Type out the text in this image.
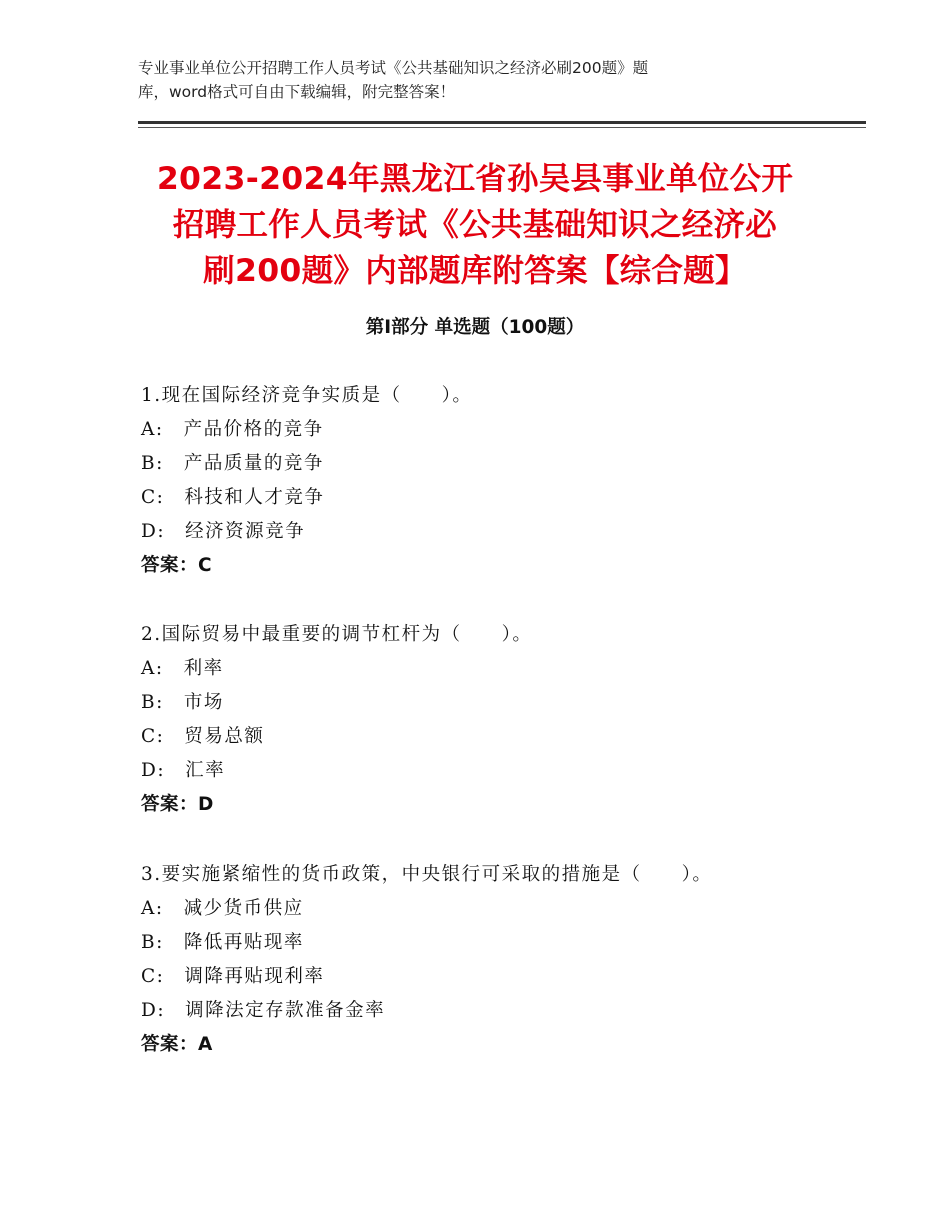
专业事业单位公开招聘工作人员考试《公共基础知识之经济必刷200题》题
库，word格式可自由下载编辑，附完整答案！
2023-2024年黑龙江省孙吴县事业单位公开
招聘工作人员考试《公共基础知识之经济必
刷200题》内部题库附答案【综合题】
第Ⅰ部分 单选题（100题）
1.现在国际经济竞争实质是（　　）。
A:　产品价格的竞争
B:　产品质量的竞争
C:　科技和人才竞争
D:　经济资源竞争
答案：C
2.国际贸易中最重要的调节杠杆为（　　）。
A:　利率
B:　市场
C:　贸易总额
D:　汇率
答案：D
3.要实施紧缩性的货币政策，中央银行可采取的措施是（　　）。
A:　减少货币供应
B:　降低再贴现率
C:　调降再贴现利率
D:　调降法定存款准备金率
答案：A
